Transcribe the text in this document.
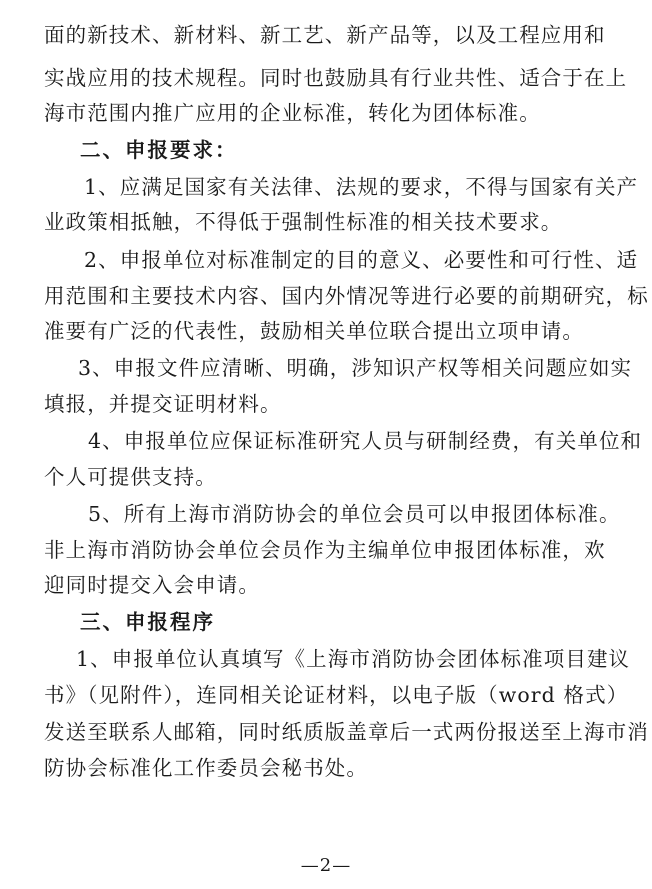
面的新技术、新材料、新工艺、新产品等，以及工程应用和
实战应用的技术规程。同时也鼓励具有行业共性、适合于在上
海市范围内推广应用的企业标准，转化为团体标准。
二、申报要求：
1、应满足国家有关法律、法规的要求，不得与国家有关产
业政策相抵触，不得低于强制性标准的相关技术要求。
2、申报单位对标准制定的目的意义、必要性和可行性、适
用范围和主要技术内容、国内外情况等进行必要的前期研究，标
准要有广泛的代表性，鼓励相关单位联合提出立项申请。
3、申报文件应清晰、明确，涉知识产权等相关问题应如实
填报，并提交证明材料。
4、申报单位应保证标准研究人员与研制经费，有关单位和
个人可提供支持。
5、所有上海市消防协会的单位会员可以申报团体标准。
非上海市消防协会单位会员作为主编单位申报团体标准，欢
迎同时提交入会申请。
三、申报程序
1、申报单位认真填写《上海市消防协会团体标准项目建议
书》（见附件），连同相关论证材料，以电子版（word 格式）
发送至联系人邮箱，同时纸质版盖章后一式两份报送至上海市消
防协会标准化工作委员会秘书处。
—2—
